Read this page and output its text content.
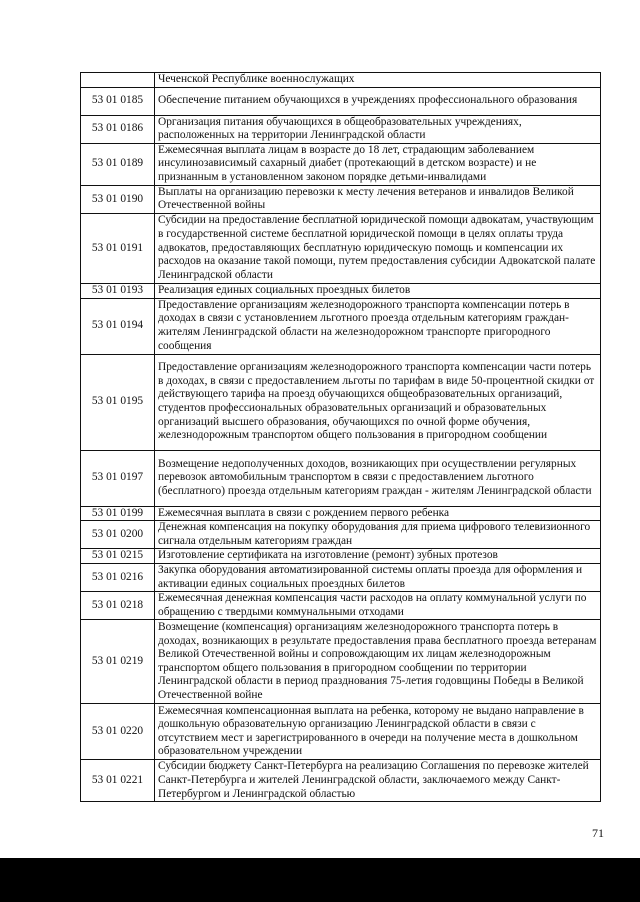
	Чеченской Республике военнослужащих
53 01 0185	Обеспечение питанием обучающихся в учреждениях профессионального образования
53 01 0186	Организация питания обучающихся в общеобразовательных учреждениях, расположенных на территории Ленинградской области
53 01 0189	Ежемесячная выплата лицам в возрасте до 18 лет, страдающим заболеванием инсулинозависимый сахарный диабет (протекающий в детском возрасте) и не признанным в установленном законом порядке детьми-инвалидами
53 01 0190	Выплаты на организацию перевозки к месту лечения ветеранов и инвалидов Великой Отечественной войны
53 01 0191	Субсидии на предоставление бесплатной юридической помощи адвокатам, участвующим в государственной системе бесплатной юридической помощи в целях оплаты труда адвокатов, предоставляющих бесплатную юридическую помощь и компенсации их расходов на оказание такой помощи, путем предоставления субсидии Адвокатской палате Ленинградской области
53 01 0193	Реализация единых социальных проездных билетов
53 01 0194	Предоставление организациям железнодорожного транспорта компенсации потерь в доходах в связи с установлением льготного проезда отдельным категориям граждан-жителям Ленинградской области на железнодорожном транспорте пригородного сообщения
53 01 0195	Предоставление организациям железнодорожного транспорта компенсации части потерь в доходах, в связи с предоставлением льготы по тарифам в виде 50-процентной скидки от действующего тарифа на проезд обучающихся общеобразовательных организаций, студентов профессиональных образовательных организаций и образовательных организаций высшего образования, обучающихся по очной форме обучения, железнодорожным транспортом общего пользования в пригородном сообщении
53 01 0197	Возмещение недополученных доходов, возникающих при осуществлении регулярных перевозок автомобильным транспортом в связи с предоставлением льготного (бесплатного) проезда отдельным категориям граждан - жителям Ленинградской области
53 01 0199	Ежемесячная выплата в связи с рождением первого ребенка
53 01 0200	Денежная компенсация на покупку оборудования для приема цифрового телевизионного сигнала отдельным категориям граждан
53 01 0215	Изготовление сертификата на изготовление (ремонт) зубных протезов
53 01 0216	Закупка оборудования автоматизированной системы оплаты проезда для оформления и активации единых социальных проездных билетов
53 01 0218	Ежемесячная денежная компенсация части расходов на оплату коммунальной услуги по обращению с твердыми коммунальными отходами
53 01 0219	Возмещение (компенсация) организациям железнодорожного транспорта потерь в доходах, возникающих в результате предоставления права бесплатного проезда ветеранам Великой Отечественной войны и сопровождающим их лицам железнодорожным транспортом общего пользования в пригородном сообщении по территории Ленинградской области в период празднования 75-летия годовщины Победы в Великой Отечественной войне
53 01 0220	Ежемесячная компенсационная выплата на ребенка, которому не выдано направление в дошкольную образовательную организацию Ленинградской области в связи с отсутствием мест и зарегистрированного в очереди на получение места в дошкольном образовательном учреждении
53 01 0221	Субсидии бюджету Санкт-Петербурга на реализацию Соглашения по перевозке жителей Санкт-Петербурга и жителей Ленинградской области, заключаемого между Санкт-Петербургом и Ленинградской областью
71
